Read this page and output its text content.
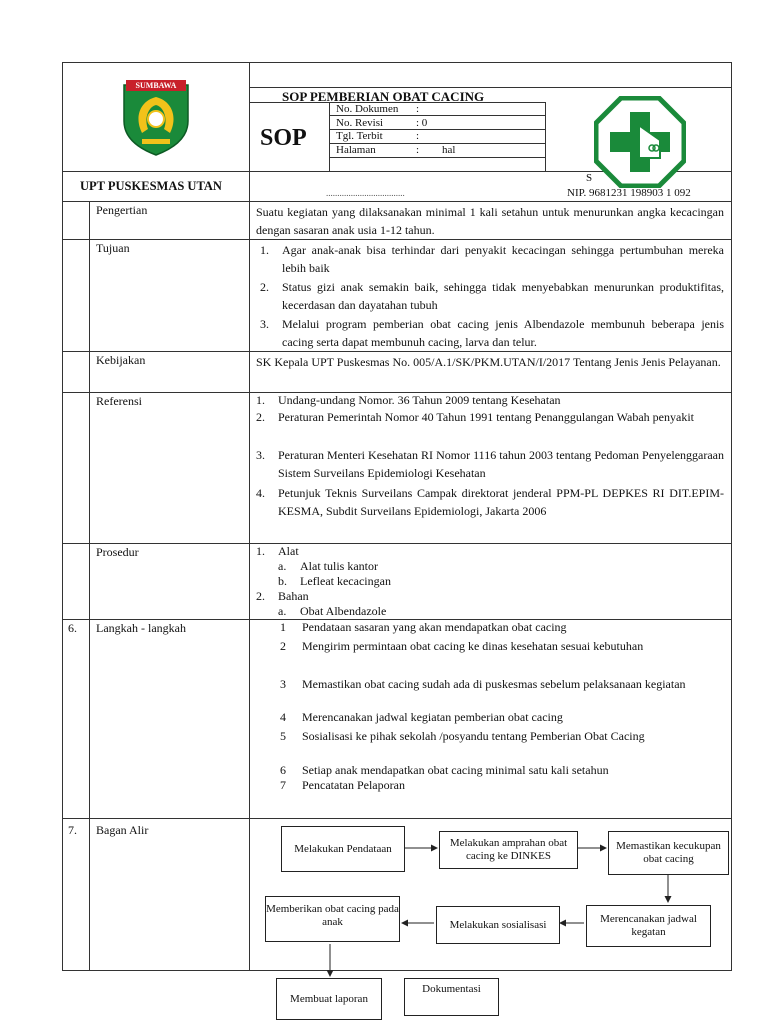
SUMBAWA
UPT PUSKESMAS UTAN
SOP PEMBERIAN OBAT CACING
SOP
No. Dokumen :
No. Revisi	: 0
Tgl. Terbit	:
Halaman	: hal
S
...................................	NIP. 9681231 198903 1 092
Pengertian	Suatu kegiatan yang dilaksanakan minimal 1 kali setahun untuk menurunkan angka kecacingan dengan sasaran anak usia 1-12 tahun.
Tujuan	1. Agar anak-anak bisa terhindar dari penyakit kecacingan sehingga pertumbuhan mereka lebih baik
2. Status gizi anak semakin baik, sehingga tidak menyebabkan menurunkan produktifitas, kecerdasan dan dayatahan tubuh
3. Melalui program pemberian obat cacing jenis Albendazole membunuh beberapa jenis cacing serta dapat membunuh cacing, larva dan telur.
Kebijakan	SK Kepala UPT Puskesmas No. 005/A.1/SK/PKM.UTAN/I/2017 Tentang Jenis Jenis Pelayanan.
Referensi	1. Undang-undang Nomor. 36 Tahun 2009 tentang Kesehatan
2. Peraturan Pemerintah Nomor 40 Tahun 1991 tentang Penanggulangan Wabah penyakit
3. Peraturan Menteri Kesehatan RI Nomor 1116 tahun 2003 tentang Pedoman Penyelenggaraan Sistem Surveilans Epidemiologi Kesehatan
4. Petunjuk Teknis Surveilans Campak direktorat jenderal PPM-PL DEPKES RI DIT.EPIM-KESMA, Subdit Surveilans Epidemiologi, Jakarta 2006
Prosedur	1. Alat
a. Alat tulis kantor
b. Lefleat kecacingan
2. Bahan
a. Obat Albendazole
6. Langkah - langkah	1 Pendataan sasaran yang akan mendapatkan obat cacing
2 Mengirim permintaan obat cacing ke dinas kesehatan sesuai kebutuhan
3 Memastikan obat cacing sudah ada di puskesmas sebelum pelaksanaan kegiatan
4 Merencanakan jadwal kegiatan pemberian obat cacing
5 Sosialisasi ke pihak sekolah /posyandu tentang Pemberian Obat Cacing
6 Setiap anak mendapatkan obat cacing minimal satu kali setahun
7 Pencatatan Pelaporan
7. Bagan Alir
Melakukan Pendataan	Melakukan amprahan obat cacing ke DINKES
Memastikan kecukupan obat cacing
Merencanakan jadwal kegatan
Melakukan sosialisasi
Memberikan obat cacing pada anak
Membuat laporan
Dokumentasi
